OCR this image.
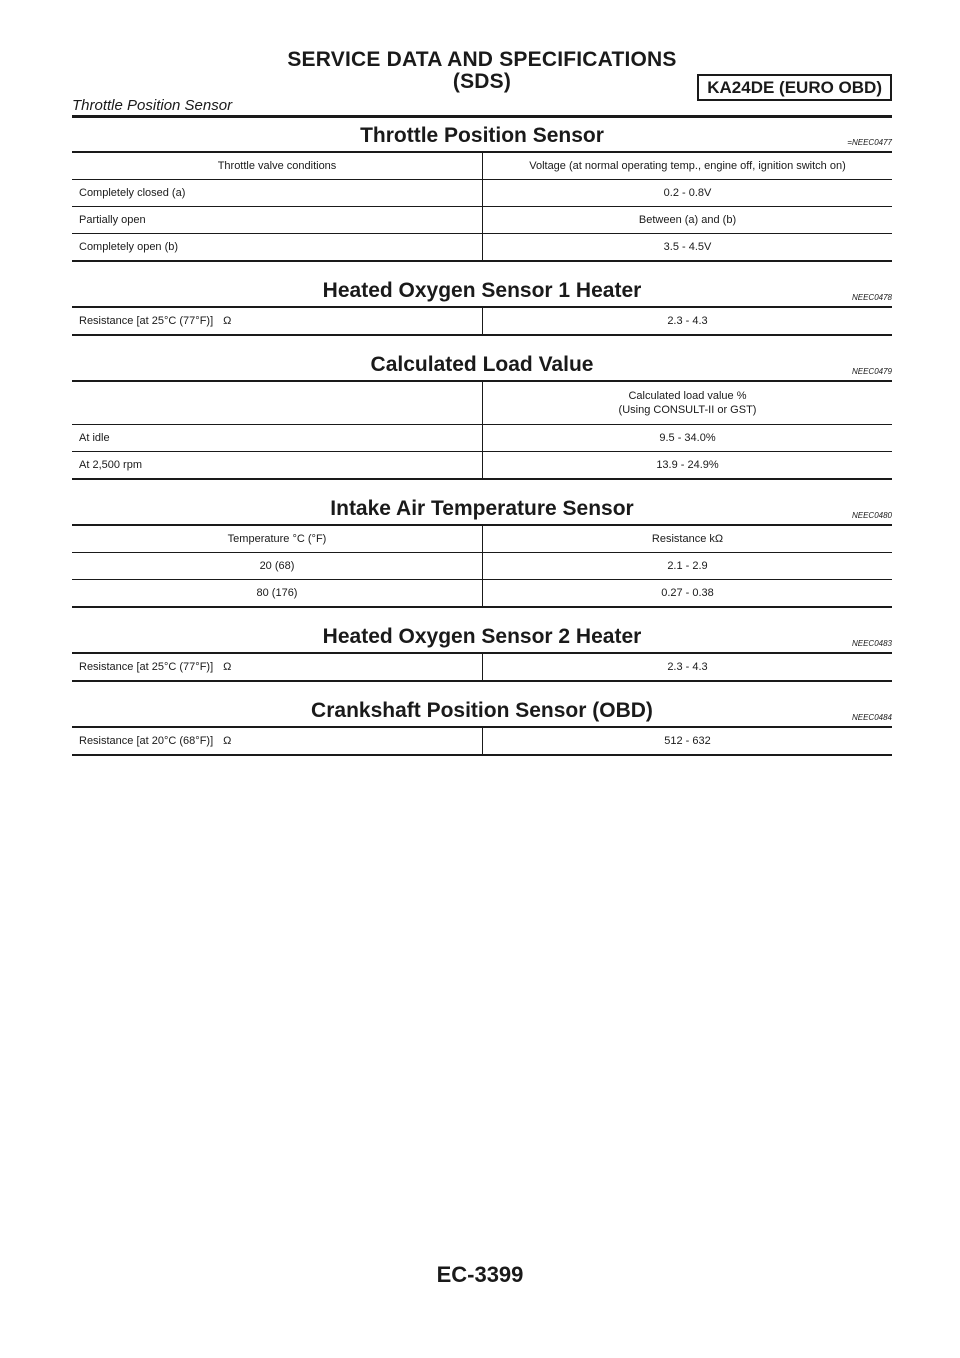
SERVICE DATA AND SPECIFICATIONS
(SDS)	KA24DE (EURO OBD)
Throttle Position Sensor
Throttle Position Sensor	=NEEC0477
Throttle valve conditions	Voltage (at normal operating temp., engine off, ignition switch on)
Completely closed (a)	0.2 - 0.8V
Partially open	Between (a) and (b)
Completely open (b)	3.5 - 4.5V
Heated Oxygen Sensor 1 Heater	NEEC0478
Resistance [at 25°C (77°F)] Ω	2.3 - 4.3
Calculated Load Value	NEEC0479

	Calculated load value %
(Using CONSULT-II or GST)

At idle	9.5 - 34.0%
At 2,500 rpm	13.9 - 24.9%
Intake Air Temperature Sensor	NEEC0480
Temperature °C (°F)	Resistance kΩ
20 (68)	2.1 - 2.9
80 (176)	0.27 - 0.38
Heated Oxygen Sensor 2 Heater	NEEC0483
Resistance [at 25°C (77°F)] Ω	2.3 - 4.3
Crankshaft Position Sensor (OBD)	NEEC0484
Resistance [at 20°C (68°F)] Ω	512 - 632
EC-3399
